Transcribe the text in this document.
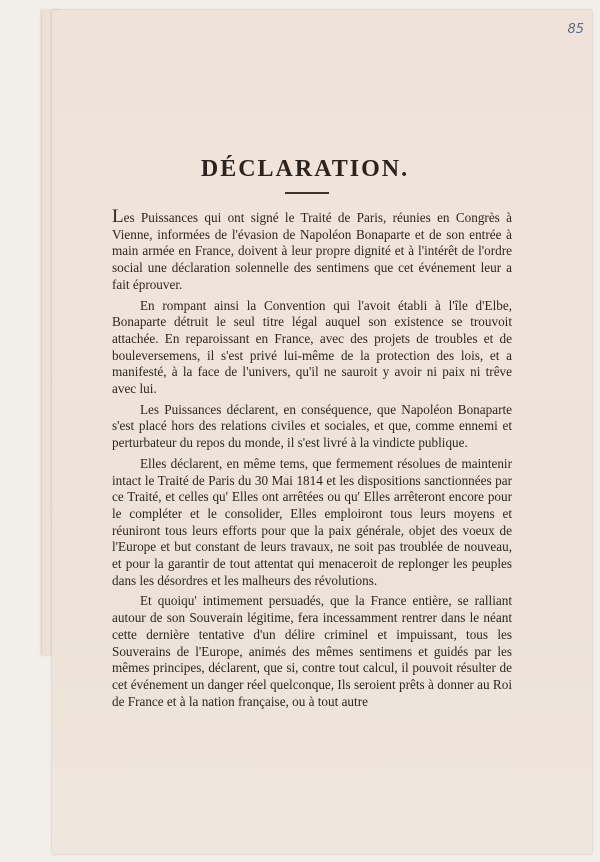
85
DÉCLARATION.

Les Puissances qui ont signé le Traité de Paris, réunies en Congrès à Vienne, informées de l'évasion de Napoléon Bonaparte et de son entrée à main armée en France, doivent à leur propre dignité et à l'intérêt de l'ordre social une déclaration solennelle des sentimens que cet événement leur a fait éprouver.

En rompant ainsi la Convention qui l'avoit établi à l'île d'Elbe, Bonaparte détruit le seul titre légal auquel son existence se trouvoit attachée. En reparoissant en France, avec des projets de troubles et de bouleversemens, il s'est privé lui-même de la protection des lois, et a manifesté, à la face de l'univers, qu'il ne sauroit y avoir ni paix ni trêve avec lui.

Les Puissances déclarent, en conséquence, que Napoléon Bonaparte s'est placé hors des relations civiles et sociales, et que, comme ennemi et perturbateur du repos du monde, il s'est livré à la vindicte publique.

Elles déclarent, en même tems, que fermement résolues de maintenir intact le Traité de Paris du 30 Mai 1814 et les dispositions sanctionnées par ce Traité, et celles qu' Elles ont arrêtées ou qu' Elles arrêteront encore pour le compléter et le consolider, Elles emploiront tous leurs moyens et réuniront tous leurs efforts pour que la paix générale, objet des voeux de l'Europe et but constant de leurs travaux, ne soit pas troublée de nouveau, et pour la garantir de tout attentat qui menaceroit de replonger les peuples dans les désordres et les malheurs des révolutions.

Et quoiqu' intimement persuadés, que la France entière, se ralliant autour de son Souverain légitime, fera incessamment rentrer dans le néant cette dernière tentative d'un délire criminel et impuissant, tous les Souverains de l'Europe, animés des mêmes sentimens et guidés par les mêmes principes, déclarent, que si, contre tout calcul, il pouvoit résulter de cet événement un danger réel quelconque, Ils seroient prêts à donner au Roi de France et à la nation française, ou à tout autre
